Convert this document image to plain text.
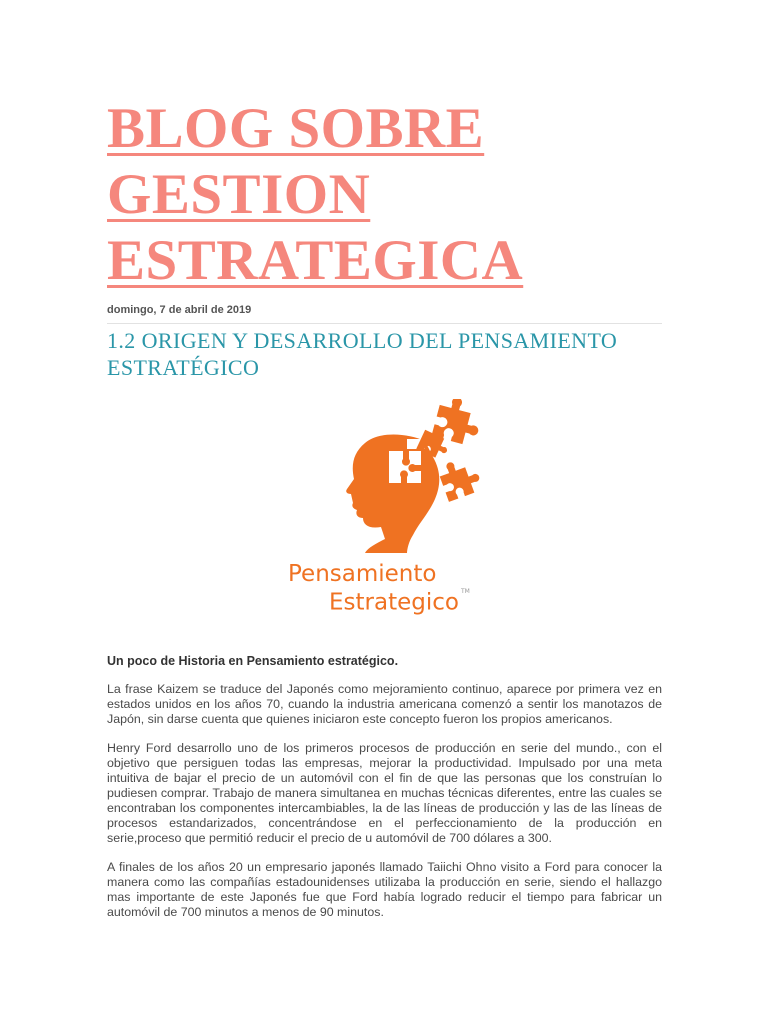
BLOG SOBRE
GESTION
ESTRATEGICA
domingo, 7 de abril de 2019
1.2 ORIGEN Y DESARROLLO DEL PENSAMIENTO
ESTRATÉGICO
Pensamiento
Estrategico ™
Un poco de Historia en Pensamiento estratégico.

La frase Kaizem se traduce del Japonés como mejoramiento continuo, aparece por primera vez en estados unidos en los años 70, cuando la industria americana comenzó a sentir los manotazos de Japón, sin darse cuenta que quienes iniciaron este concepto fueron los propios americanos.

Henry Ford desarrollo uno de los primeros procesos de producción en serie del mundo., con el objetivo que persiguen todas las empresas, mejorar la productividad. Impulsado por una meta intuitiva de bajar el precio de un automóvil con el fin de que las personas que los construían lo pudiesen comprar. Trabajo de manera simultanea en muchas técnicas diferentes, entre las cuales se encontraban los componentes intercambiables, la de las líneas de producción y las de las líneas de procesos estandarizados, concentrándose en el perfeccionamiento de la producción en serie,proceso que permitió reducir el precio de u automóvil de 700 dólares a 300.

A finales de los años 20 un empresario japonés llamado Taiichi Ohno visito a Ford para conocer la manera como las compañías estadounidenses utilizaba la producción en serie, siendo el hallazgo mas importante de este Japonés fue que Ford había logrado reducir el tiempo para fabricar un automóvil de 700 minutos a menos de 90 minutos.
